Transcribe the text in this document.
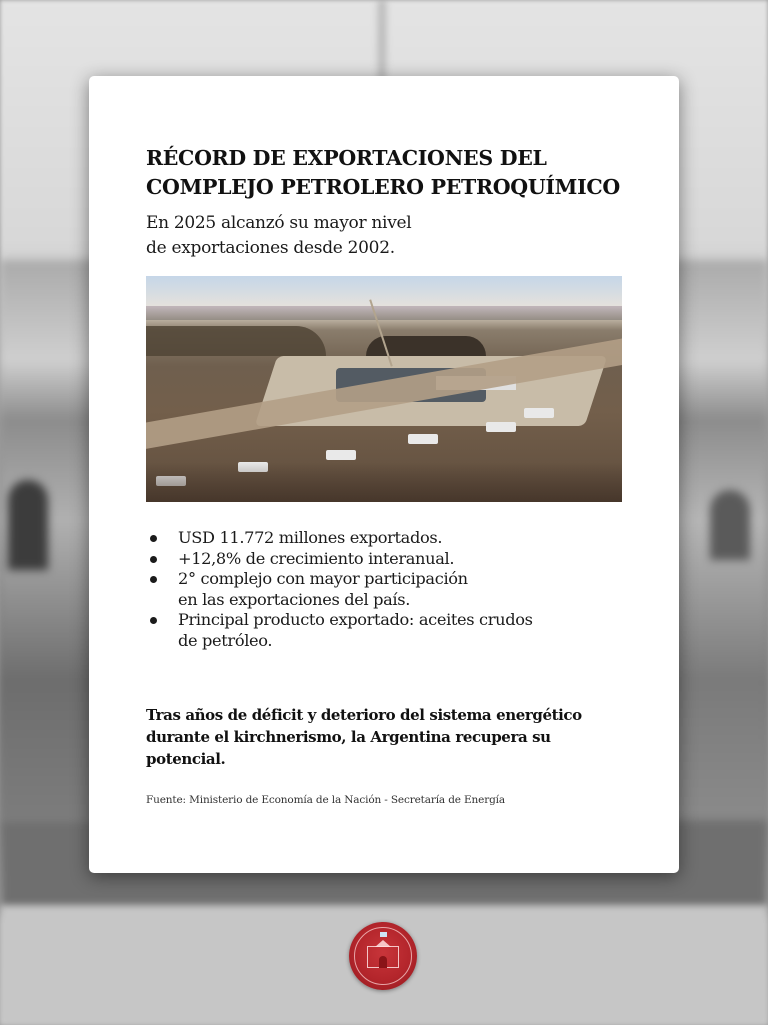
RÉCORD DE EXPORTACIONES DEL
COMPLEJO PETROLERO PETROQUÍMICO

En 2025 alcanzó su mayor nivel
de exportaciones desde 2002.

USD 11.772 millones exportados.
+12,8% de crecimiento interanual.
2° complejo con mayor participación
en las exportaciones del país.
Principal producto exportado: aceites crudos
de petróleo.

Tras años de déficit y deterioro del sistema energético
durante el kirchnerismo, la Argentina recupera su
potencial.

Fuente: Ministerio de Economía de la Nación - Secretaría de Energía
